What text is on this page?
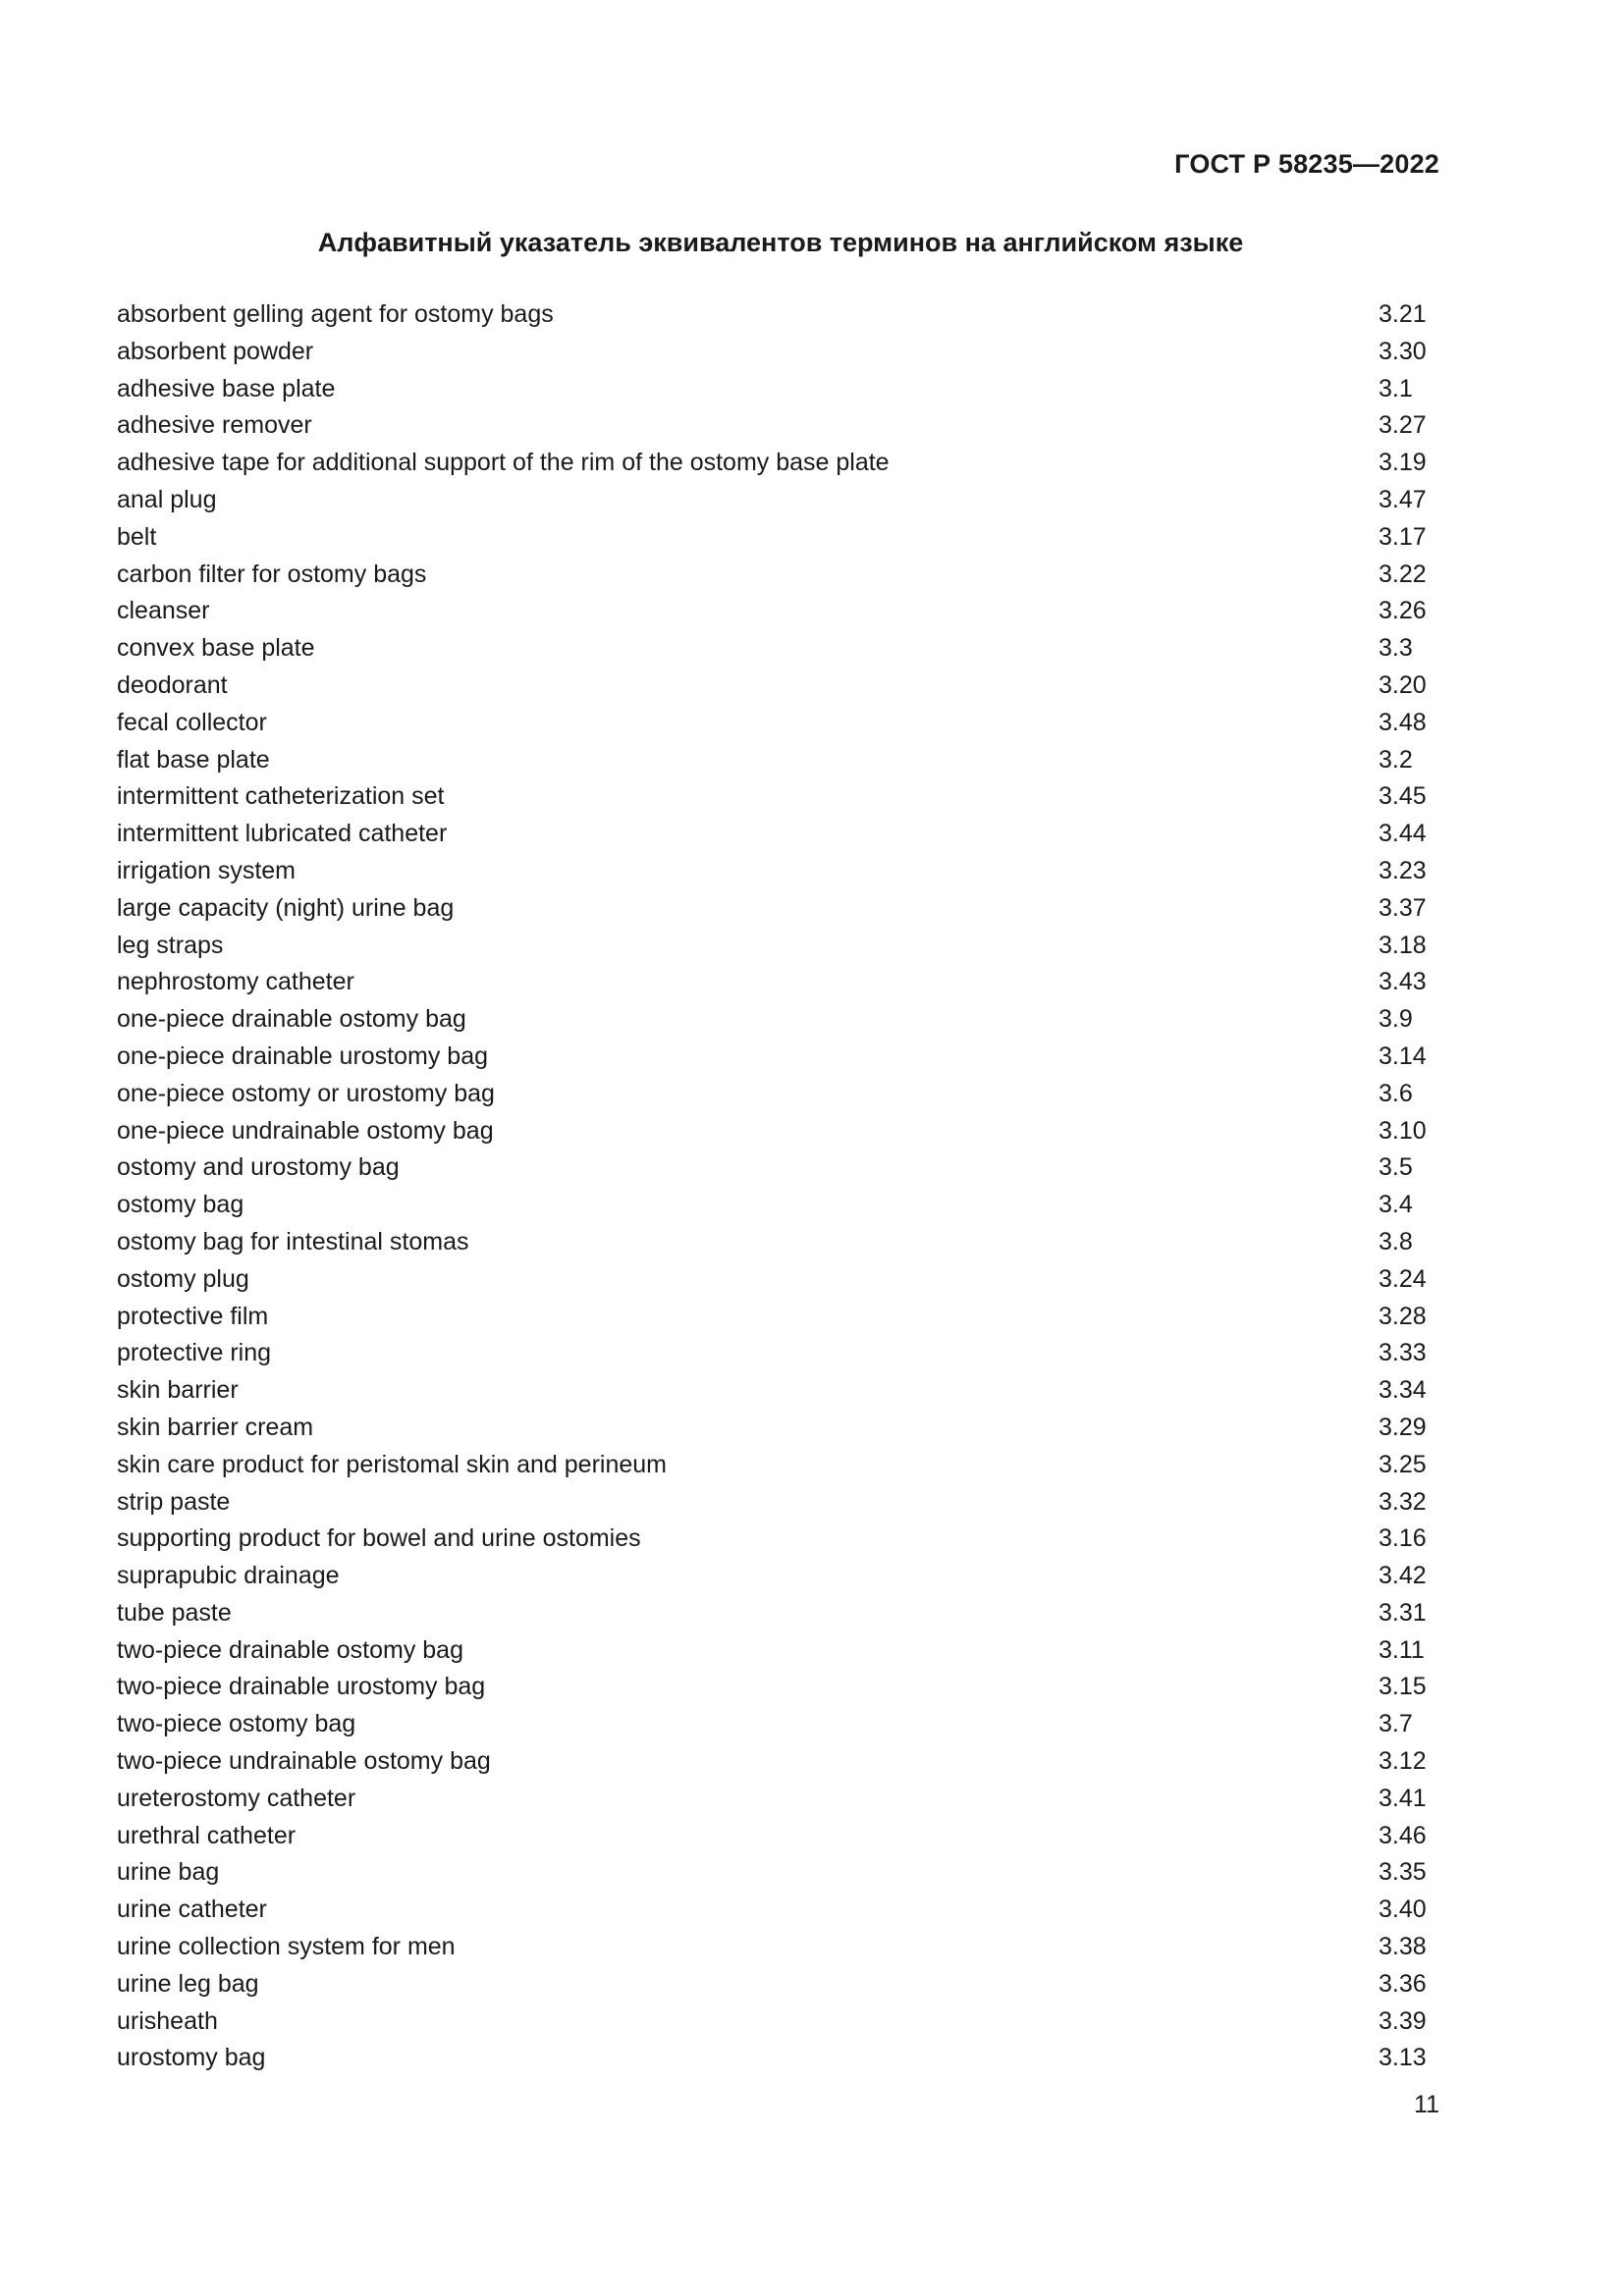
ГОСТ Р 58235—2022
Алфавитный указатель эквивалентов терминов на английском языке
absorbent gelling agent for ostomy bags	3.21
absorbent powder	3.30
adhesive base plate	3.1
adhesive remover	3.27
adhesive tape for additional support of the rim of the ostomy base plate	3.19
anal plug	3.47
belt	3.17
carbon filter for ostomy bags	3.22
cleanser	3.26
convex base plate	3.3
deodorant	3.20
fecal collector	3.48
flat base plate	3.2
intermittent catheterization set	3.45
intermittent lubricated catheter	3.44
irrigation system	3.23
large capacity (night) urine bag	3.37
leg straps	3.18
nephrostomy catheter	3.43
one-piece drainable ostomy bag	3.9
one-piece drainable urostomy bag	3.14
one-piece ostomy or urostomy bag	3.6
one-piece undrainable ostomy bag	3.10
ostomy and urostomy bag	3.5
ostomy bag	3.4
ostomy bag for intestinal stomas	3.8
ostomy plug	3.24
protective film	3.28
protective ring	3.33
skin barrier	3.34
skin barrier cream	3.29
skin care product for peristomal skin and perineum	3.25
strip paste	3.32
supporting product for bowel and urine ostomies	3.16
suprapubic drainage	3.42
tube paste	3.31
two-piece drainable ostomy bag	3.11
two-piece drainable urostomy bag	3.15
two-piece ostomy bag	3.7
two-piece undrainable ostomy bag	3.12
ureterostomy catheter	3.41
urethral catheter	3.46
urine bag	3.35
urine catheter	3.40
urine collection system for men	3.38
urine leg bag	3.36
urisheath	3.39
urostomy bag	3.13
11
